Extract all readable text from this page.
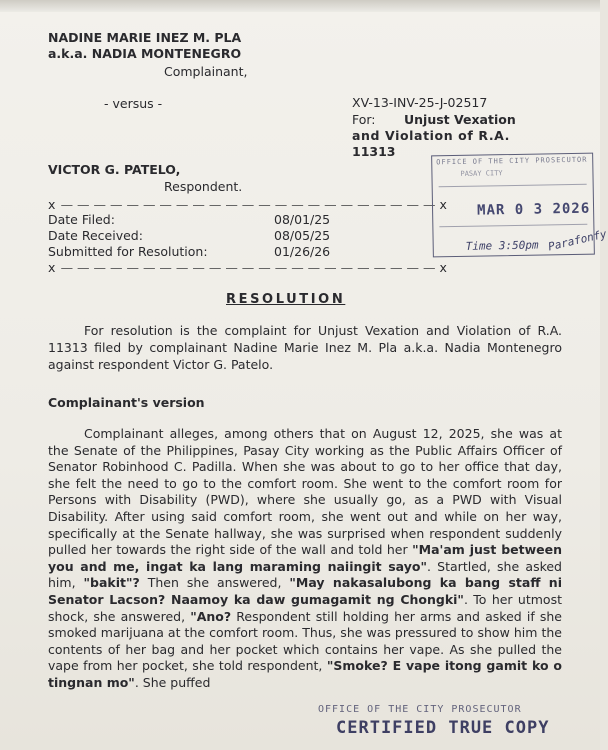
NADINE MARIE INEZ M. PLA
a.k.a. NADIA MONTENEGRO
Complainant,
- versus -	XV-13-INV-25-J-02517
For: Unjust Vexation
and Violation of R.A.
11313
VICTOR G. PATELO,
Respondent.
x — — — — — — — — — — — — — — — — — — — — — — — x
Date Filed:	08/01/25
Date Received:	08/05/25
Submitted for Resolution:	01/26/26
x — — — — — — — — — — — — — — — — — — — — — — — x
OFFICE OF THE CITY PROSECUTOR
PASAY CITY
MAR 0 3 2026
Time 3:50pm Parafonfy
RESOLUTION
For resolution is the complaint for Unjust Vexation and Violation of R.A. 11313 filed by complainant Nadine Marie Inez M. Pla a.k.a. Nadia Montenegro against respondent Victor G. Patelo.
Complainant's version
Complainant alleges, among others that on August 12, 2025, she was at the Senate of the Philippines, Pasay City working as the Public Affairs Officer of Senator Robinhood C. Padilla. When she was about to go to her office that day, she felt the need to go to the comfort room. She went to the comfort room for Persons with Disability (PWD), where she usually go, as a PWD with Visual Disability. After using said comfort room, she went out and while on her way, specifically at the Senate hallway, she was surprised when respondent suddenly pulled her towards the right side of the wall and told her "Ma'am just between you and me, ingat ka lang maraming naiingit sayo". Startled, she asked him, "bakit"? Then she answered, "May nakasalubong ka bang staff ni Senator Lacson? Naamoy ka daw gumagamit ng Chongki". To her utmost shock, she answered, "Ano? Respondent still holding her arms and asked if she smoked marijuana at the comfort room. Thus, she was pressured to show him the contents of her bag and her pocket which contains her vape. As she pulled the vape from her pocket, she told respondent, "Smoke? E vape itong gamit ko o tingnan mo". She puffed
OFFICE OF THE CITY PROSECUTOR
CERTIFIED TRUE COPY
